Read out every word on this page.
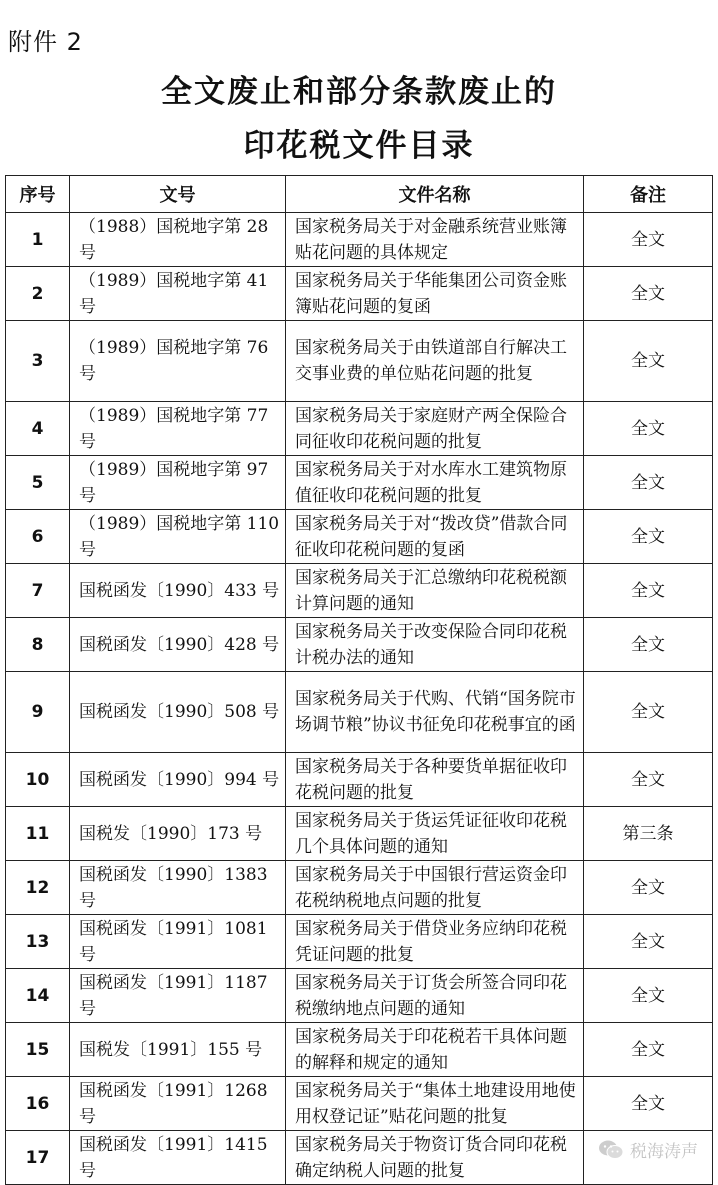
附件 2
全文废止和部分条款废止的
印花税文件目录
序号	文号	文件名称	备注
1	（1988）国税地字第 28 号	国家税务局关于对金融系统营业账簿贴花问题的具体规定	全文
2	（1989）国税地字第 41 号	国家税务局关于华能集团公司资金账簿贴花问题的复函	全文
3	（1989）国税地字第 76 号	国家税务局关于由铁道部自行解决工交事业费的单位贴花问题的批复	全文
4	（1989）国税地字第 77 号	国家税务局关于家庭财产两全保险合同征收印花税问题的批复	全文
5	（1989）国税地字第 97 号	国家税务局关于对水库水工建筑物原值征收印花税问题的批复	全文
6	（1989）国税地字第 110 号	国家税务局关于对“拨改贷”借款合同征收印花税问题的复函	全文
7	国税函发〔1990〕433 号	国家税务局关于汇总缴纳印花税税额计算问题的通知	全文
8	国税函发〔1990〕428 号	国家税务局关于改变保险合同印花税计税办法的通知	全文
9	国税函发〔1990〕508 号	国家税务局关于代购、代销“国务院市场调节粮”协议书征免印花税事宜的函	全文
10	国税函发〔1990〕994 号	国家税务局关于各种要货单据征收印花税问题的批复	全文
11	国税发〔1990〕173 号	国家税务局关于货运凭证征收印花税几个具体问题的通知	第三条
12	国税函发〔1990〕1383 号	国家税务局关于中国银行营运资金印花税纳税地点问题的批复	全文
13	国税函发〔1991〕1081 号	国家税务局关于借贷业务应纳印花税凭证问题的批复	全文
14	国税函发〔1991〕1187 号	国家税务局关于订货会所签合同印花税缴纳地点问题的通知	全文
15	国税发〔1991〕155 号	国家税务局关于印花税若干具体问题的解释和规定的通知	全文
16	国税函发〔1991〕1268 号	国家税务局关于“集体土地建设用地使用权登记证”贴花问题的批复	全文
17	国税函发〔1991〕1415 号	国家税务局关于物资订货合同印花税确定纳税人问题的批复	
税海涛声
